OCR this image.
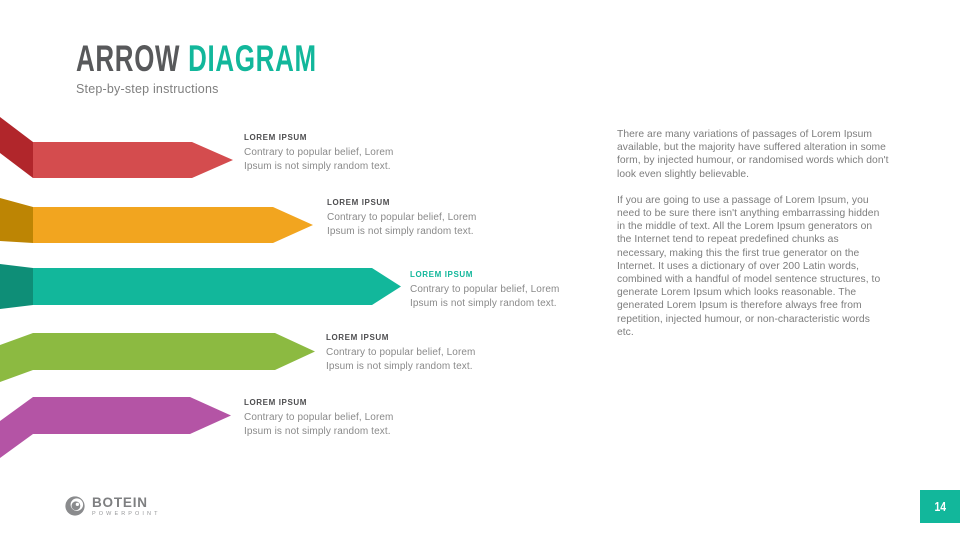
ARROW DIAGRAM
Step-by-step instructions
LOREM IPSUM
Contrary to popular belief, Lorem Ipsum is not simply random text.
LOREM IPSUM
Contrary to popular belief, Lorem Ipsum is not simply random text.
LOREM IPSUM
Contrary to popular belief, Lorem Ipsum is not simply random text.
LOREM IPSUM
Contrary to popular belief, Lorem Ipsum is not simply random text.
LOREM IPSUM
Contrary to popular belief, Lorem Ipsum is not simply random text.

There are many variations of passages of Lorem Ipsum available, but the majority have suffered alteration in some form, by injected humour, or randomised words which don't look even slightly believable.

If you are going to use a passage of Lorem Ipsum, you need to be sure there isn't anything embarrassing hidden in the middle of text. All the Lorem Ipsum generators on the Internet tend to repeat predefined chunks as necessary, making this the first true generator on the Internet. It uses a dictionary of over 200 Latin words, combined with a handful of model sentence structures, to generate Lorem Ipsum which looks reasonable. The generated Lorem Ipsum is therefore always free from repetition, injected humour, or non-characteristic words etc.

BOTEIN
POWERPOINT	14
